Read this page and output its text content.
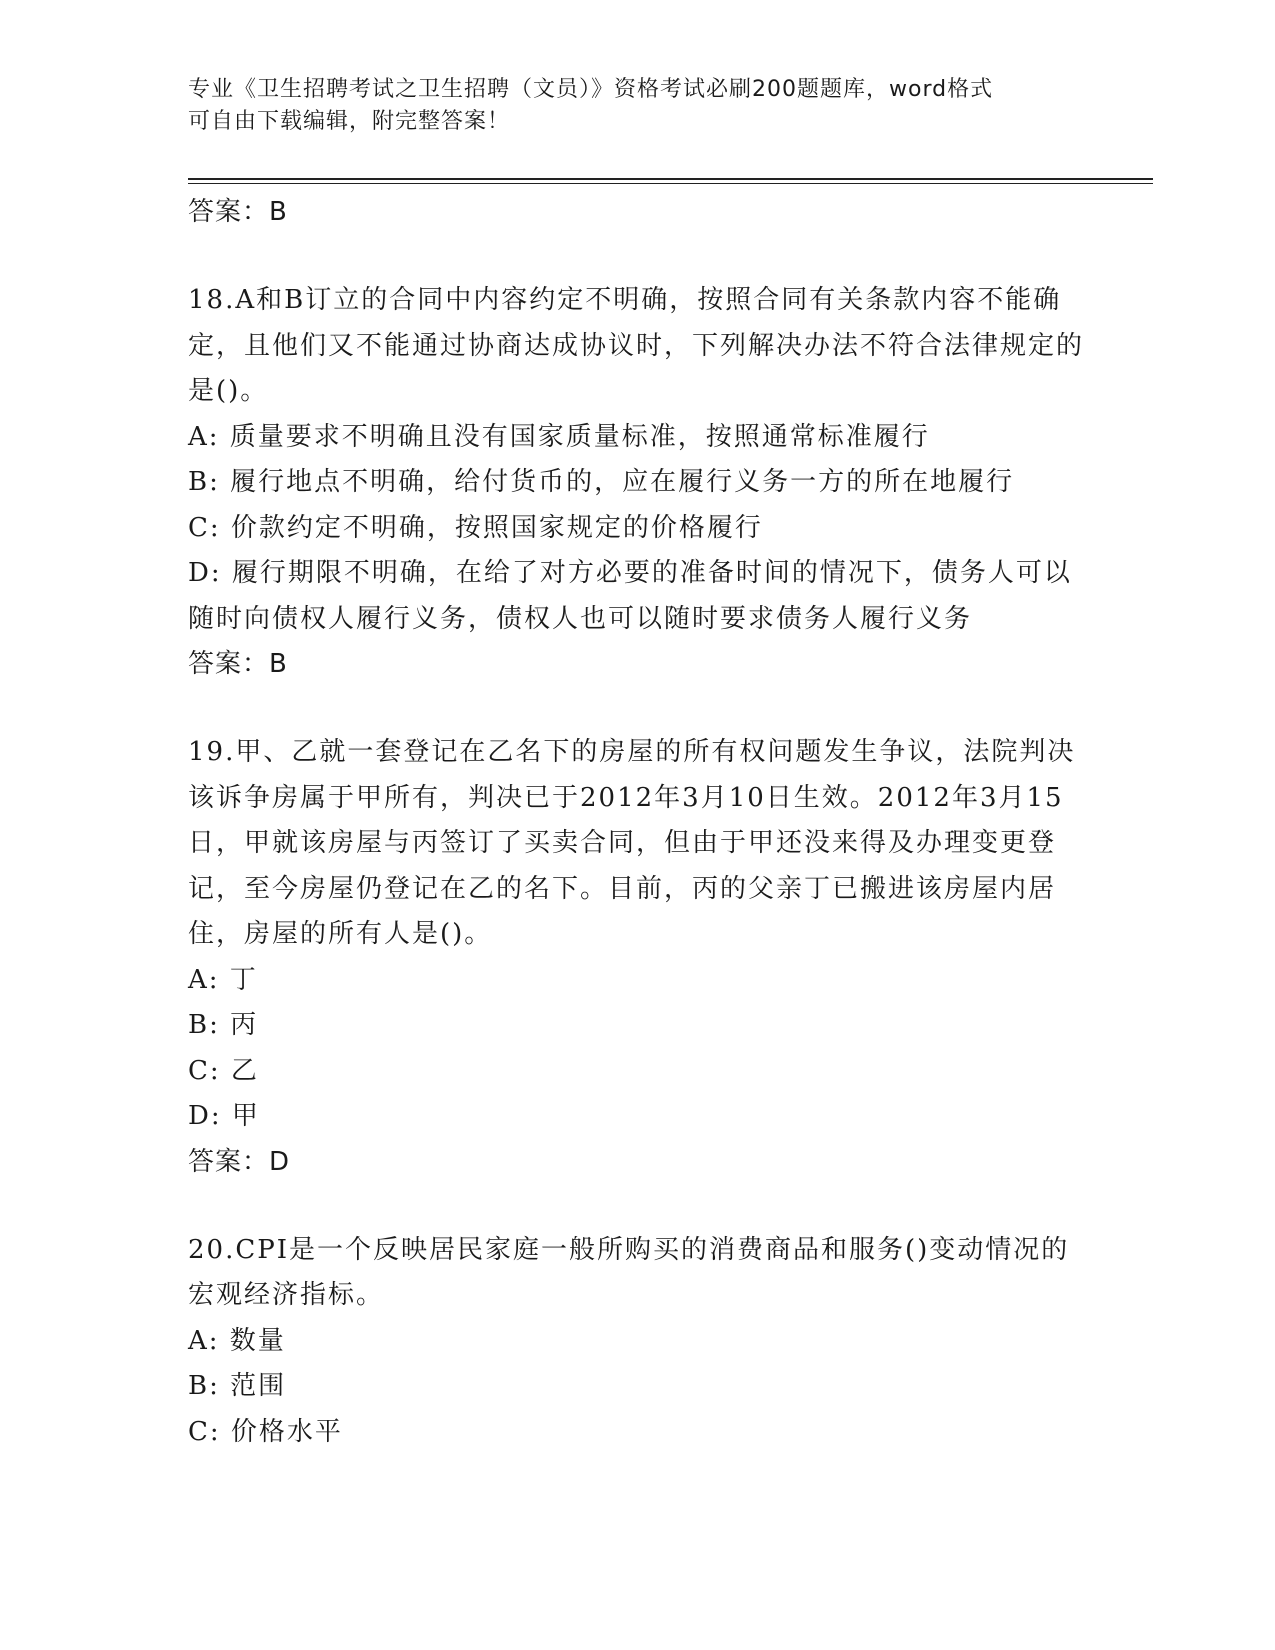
专业《卫生招聘考试之卫生招聘（文员）》资格考试必刷200题题库，word格式
可自由下载编辑，附完整答案！
答案：B
18.A和B订立的合同中内容约定不明确，按照合同有关条款内容不能确定，且他们又不能通过协商达成协议时，下列解决办法不符合法律规定的是()。
A: 质量要求不明确且没有国家质量标准，按照通常标准履行
B: 履行地点不明确，给付货币的，应在履行义务一方的所在地履行
C: 价款约定不明确，按照国家规定的价格履行
D: 履行期限不明确，在给了对方必要的准备时间的情况下，债务人可以随时向债权人履行义务，债权人也可以随时要求债务人履行义务
答案：B
19.甲、乙就一套登记在乙名下的房屋的所有权问题发生争议，法院判决该诉争房属于甲所有，判决已于2012年3月10日生效。2012年3月15日，甲就该房屋与丙签订了买卖合同，但由于甲还没来得及办理变更登记，至今房屋仍登记在乙的名下。目前，丙的父亲丁已搬进该房屋内居住，房屋的所有人是()。
A: 丁
B: 丙
C: 乙
D: 甲
答案：D
20.CPI是一个反映居民家庭一般所购买的消费商品和服务()变动情况的宏观经济指标。
A: 数量
B: 范围
C: 价格水平
